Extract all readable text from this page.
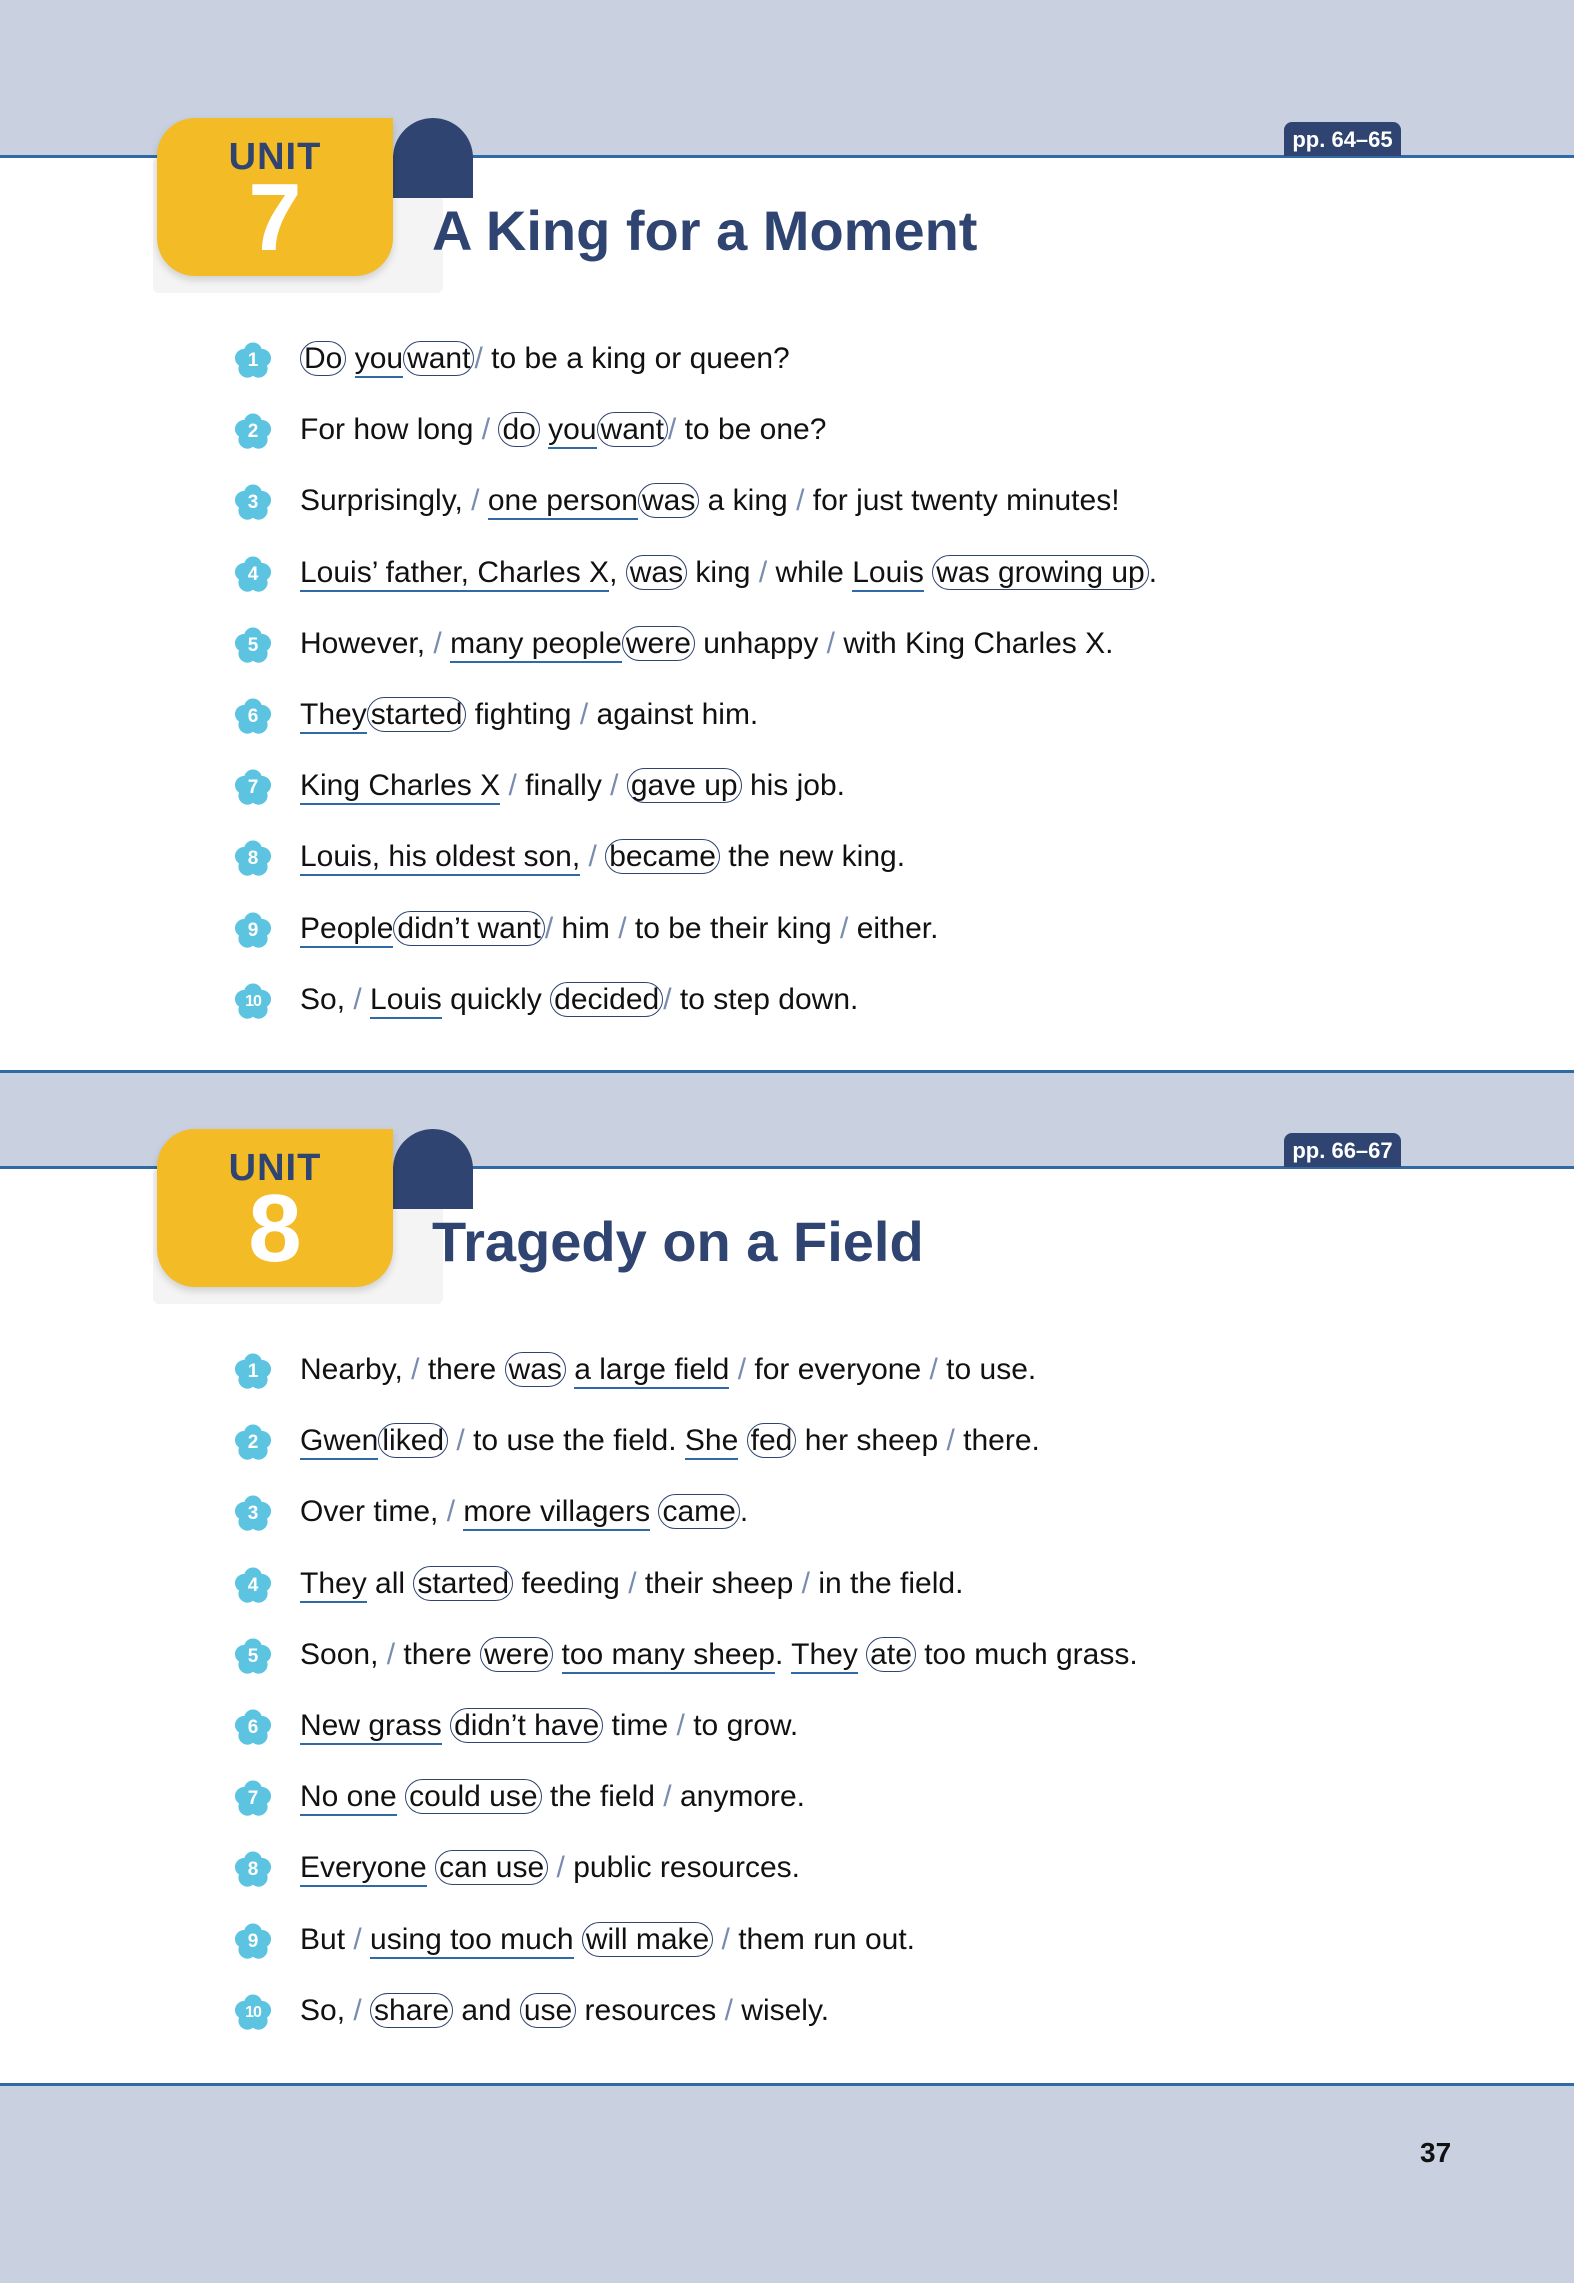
UNIT
7
pp. 64–65
A King for a Moment
1	Do you want / to be a king or queen?
2	For how long / do you want / to be one?
3	Surprisingly, / one person was a king / for just twenty minutes!
4	Louis’ father, Charles X, was king / while Louis was growing up .
5	However, / many people were unhappy / with King Charles X.
6	They started fighting / against him.
7	King Charles X / finally / gave up his job.
8	Louis, his oldest son, / became the new king.
9	People didn’t want / him / to be their king / either.
10	So, / Louis quickly decided / to step down.
UNIT
8
pp. 66–67
Tragedy on a Field
1	Nearby, / there was a large field / for everyone / to use.
2	Gwen liked / to use the field. She fed her sheep / there.
3	Over time, / more villagers came .
4	They all started feeding / their sheep / in the field.
5	Soon, / there were too many sheep. They ate too much grass.
6	New grass didn’t have time / to grow.
7	No one could use the field / anymore.
8	Everyone can use / public resources.
9	But / using too much will make / them run out.
10	So, / share and use resources / wisely.
37
